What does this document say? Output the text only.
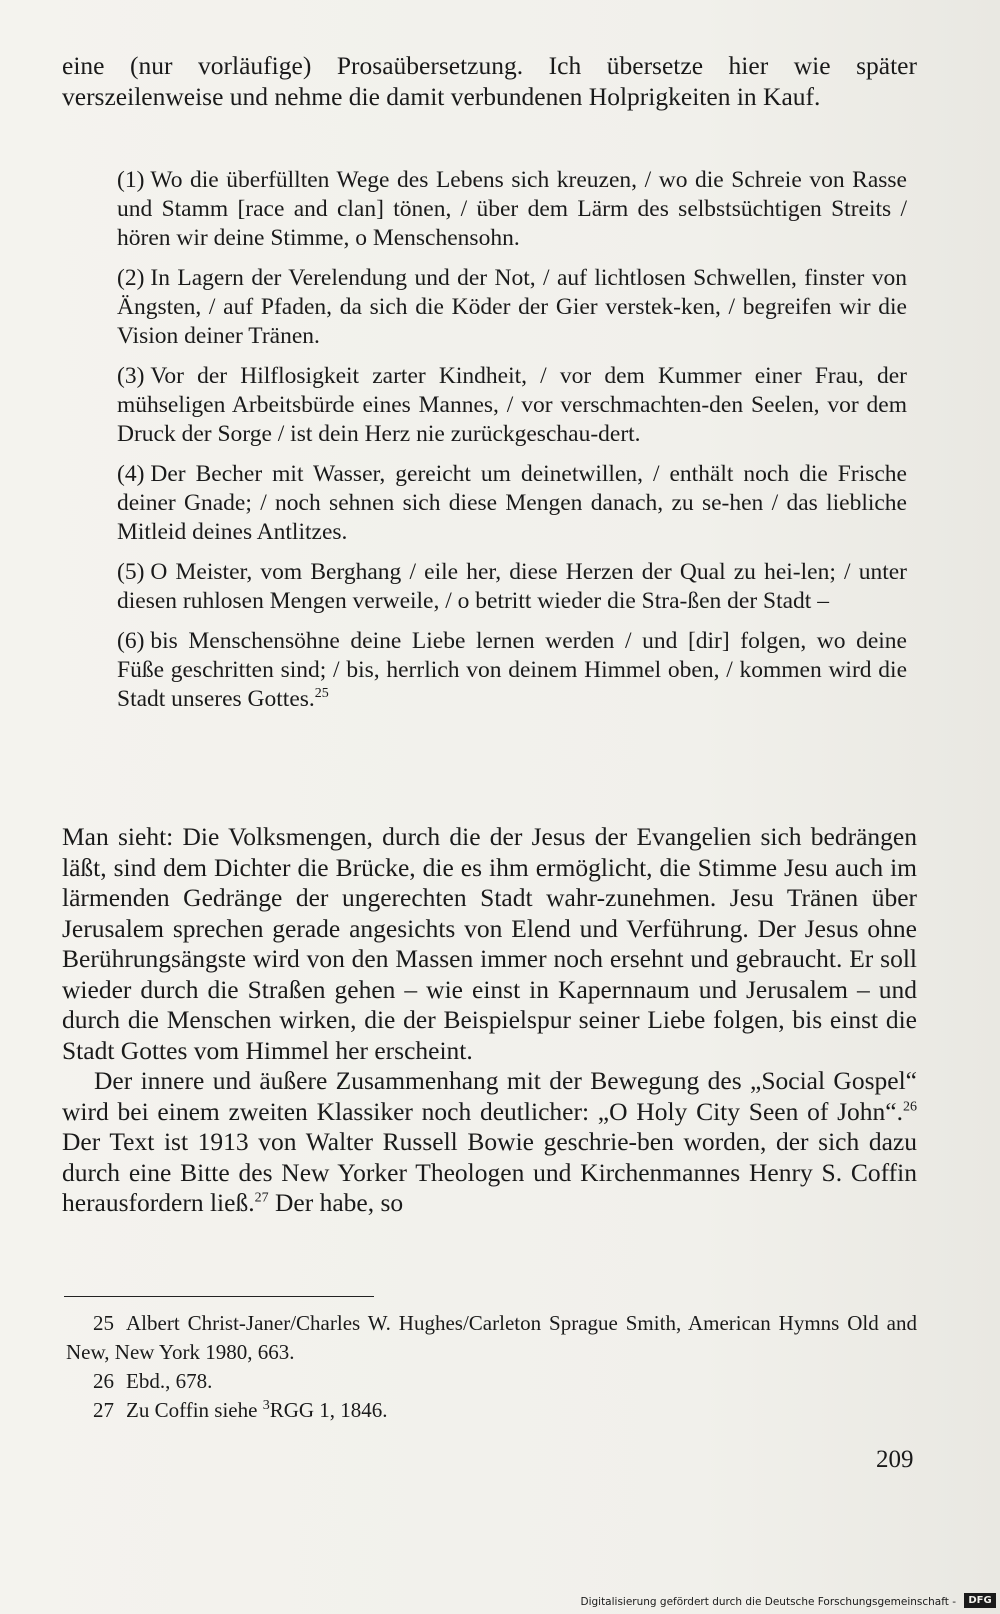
eine (nur vorläufige) Prosaübersetzung. Ich übersetze hier wie später verszeilenweise und nehme die damit verbundenen Holprigkeiten in Kauf.

(1) Wo die überfüllten Wege des Lebens sich kreuzen, / wo die Schreie von Rasse und Stamm [race and clan] tönen, / über dem Lärm des selbstsüchtigen Streits / hören wir deine Stimme, o Menschensohn.

(2) In Lagern der Verelendung und der Not, / auf lichtlosen Schwellen, finster von Ängsten, / auf Pfaden, da sich die Köder der Gier verstek-ken, / begreifen wir die Vision deiner Tränen.

(3) Vor der Hilflosigkeit zarter Kindheit, / vor dem Kummer einer Frau, der mühseligen Arbeitsbürde eines Mannes, / vor verschmachten-den Seelen, vor dem Druck der Sorge / ist dein Herz nie zurückgeschau-dert.

(4) Der Becher mit Wasser, gereicht um deinetwillen, / enthält noch die Frische deiner Gnade; / noch sehnen sich diese Mengen danach, zu se-hen / das liebliche Mitleid deines Antlitzes.

(5) O Meister, vom Berghang / eile her, diese Herzen der Qual zu hei-len; / unter diesen ruhlosen Mengen verweile, / o betritt wieder die Stra-ßen der Stadt –

(6) bis Menschensöhne deine Liebe lernen werden / und [dir] folgen, wo deine Füße geschritten sind; / bis, herrlich von deinem Himmel oben, / kommen wird die Stadt unseres Gottes.$^{25}$

Man sieht: Die Volksmengen, durch die der Jesus der Evangelien sich bedrängen läßt, sind dem Dichter die Brücke, die es ihm ermöglicht, die Stimme Jesu auch im lärmenden Gedränge der ungerechten Stadt wahr-zunehmen. Jesu Tränen über Jerusalem sprechen gerade angesichts von Elend und Verführung. Der Jesus ohne Berührungsängste wird von den Massen immer noch ersehnt und gebraucht. Er soll wieder durch die Straßen gehen – wie einst in Kapernnaum und Jerusalem – und durch die Menschen wirken, die der Beispielspur seiner Liebe folgen, bis einst die Stadt Gottes vom Himmel her erscheint.

Der innere und äußere Zusammenhang mit der Bewegung des „Social Gospel“ wird bei einem zweiten Klassiker noch deutlicher: „O Holy City Seen of John“.$^{26}$ Der Text ist 1913 von Walter Russell Bowie geschrie-ben worden, der sich dazu durch eine Bitte des New Yorker Theologen und Kirchenmannes Henry S. Coffin herausfordern ließ.$^{27}$ Der habe, so

25 Albert Christ-Janer/Charles W. Hughes/Carleton Sprague Smith, American Hymns Old and New, New York 1980, 663.

26 Ebd., 678.

27 Zu Coffin siehe $^3$RGG 1, 1846.

209
Digitalisierung gefördert durch die Deutsche Forschungsgemeinschaft -	DFG
